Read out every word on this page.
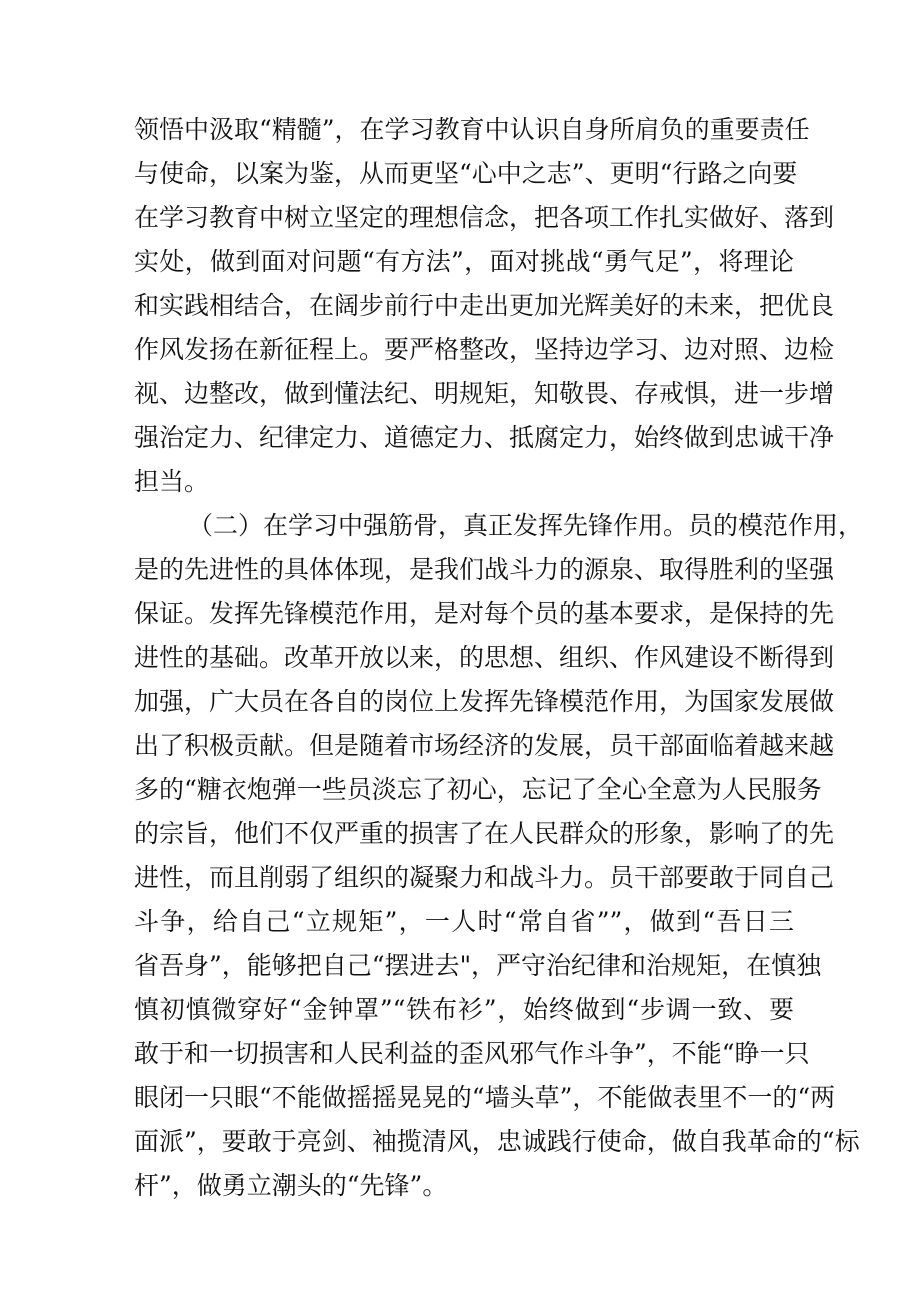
领悟中汲取“精髓”，在学习教育中认识自身所肩负的重要责任
与使命，以案为鉴，从而更坚“心中之志”、更明“行路之向要
在学习教育中树立坚定的理想信念，把各项工作扎实做好、落到
实处，做到面对问题“有方法”，面对挑战“勇气足”，将理论
和实践相结合，在阔步前行中走出更加光辉美好的未来，把优良
作风发扬在新征程上。要严格整改，坚持边学习、边对照、边检
视、边整改，做到懂法纪、明规矩，知敬畏、存戒惧，进一步增
强治定力、纪律定力、道德定力、抵腐定力，始终做到忠诚干净
担当。
（二）在学习中强筋骨，真正发挥先锋作用。员的模范作用，
是的先进性的具体体现，是我们战斗力的源泉、取得胜利的坚强
保证。发挥先锋模范作用，是对每个员的基本要求，是保持的先
进性的基础。改革开放以来，的思想、组织、作风建设不断得到
加强，广大员在各自的岗位上发挥先锋模范作用，为国家发展做
出了积极贡献。但是随着市场经济的发展，员干部面临着越来越
多的“糖衣炮弹一些员淡忘了初心，忘记了全心全意为人民服务
的宗旨，他们不仅严重的损害了在人民群众的形象，影响了的先
进性，而且削弱了组织的凝聚力和战斗力。员干部要敢于同自己
斗争，给自己“立规矩”，一人时“常自省””，做到“吾日三
省吾身”，能够把自己“摆进去"，严守治纪律和治规矩，在慎独
慎初慎微穿好“金钟罩”“铁布衫”，始终做到“步调一致、要
敢于和一切损害和人民利益的歪风邪气作斗争”，不能“睁一只
眼闭一只眼“不能做摇摇晃晃的“墙头草”，不能做表里不一的“两
面派”，要敢于亮剑、袖揽清风，忠诚践行使命，做自我革命的“标
杆”，做勇立潮头的“先锋”。
